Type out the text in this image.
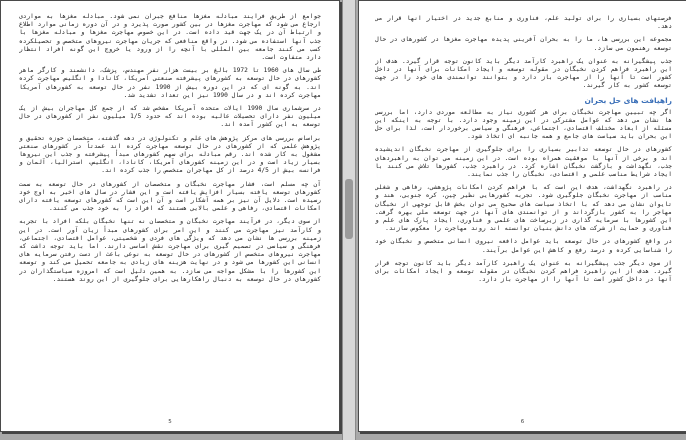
جوامع از طریق فرآیند مبادله مغزها منافع جبران نمی شود. مبادله مغزها به مواردی ارجاع می شود که مهاجرت مغزها در بین کشور صورت پذیرد و در آن دوره زمانی موارد اطلاع و ارتباط آن در یک جهت قید داده است. در این خصوص مهاجرت مغزها و مبادله مغزها با جذب آنها استفاده می شود. در واقع منافعی که جریان مهاجرت نیروهای متخصص و تحصیلکرده کسب می کنند جامعه بین المللی با آنچه را از ورود یا خروج این گونه افراد انتظار دارد متفاوت است.

طی سال های 1960 تا 1972 بالغ بر بیست هزار نفر مهندس، پزشک، دانشمند و کارگر ماهر کشورهای در حال توسعه به کشورهای پیشرفته صنعتی آمریکا، کانادا و انگلیس مهاجرت کرده اند. به گونه ای که در این دوره بیش از 1990 نفر در حال توسعه به کشورهای آمریکا مهاجرت کرده اند و در سال 1990 نیز این تعداد تشدید شد.

در سرشماری سال 1990 ایالات متحده آمریکا مشخص شد که از جمع کل مهاجران بیش از یک میلیون نفر دارای تحصیلات عالیه بوده اند که حدود 1/5 میلیون نفر از کشورهای در حال توسعه به این کشور آمده اند.

براساس بررسی های مرکز پژوهش های علم و تکنولوژی در دهه گذشته، متخصصان حوزه تحقیق و پژوهش علمی که از کشورهای در حال توسعه مهاجرت کرده اند عمدتاً در کشورهای صنعتی مشغول به کار شده اند. رقم مبادله برای سهم کشورهای مبدأ پیشرفته و جذب این نیروها بسیار زیاد است و در این زمینه کشورهای آمریکا، کانادا، انگلیس، استرالیا، آلمان و فرانسه بیش از 4/5 درصد از کل مهاجران متخصص را جذب کرده اند.

آن چه مسلم است، فشار مهاجرت نخبگان و متخصصان از کشورهای در حال توسعه به سمت کشورهای توسعه یافته بسیار افزایش یافته است و این فشار در سال های اخیر به اوج خود رسیده است. دلایل آن نیز بر همه آشکار است و آن این است که کشورهای توسعه یافته دارای امکانات اقتصادی، رفاهی و علمی بالایی هستند که افراد را به خود جذب می کنند.

از سوی دیگر، در فرآیند مهاجرت نخبگان و متخصصان نه تنها نخبگان بلکه افراد با تجربه و کارآمد نیز مهاجرت می کنند و این امر برای کشورهای مبدأ زیان آور است. در این زمینه بررسی ها نشان می دهد که ویژگی های فردی و شخصیتی، عوامل اقتصادی، اجتماعی، فرهنگی و سیاسی در تصمیم گیری برای مهاجرت نقش اساسی دارند. اما باید توجه داشت که مهاجرت نیروهای متخصص از کشورهای در حال توسعه به نوعی باعث از دست رفتن سرمایه های انسانی این کشورها می شود و در نهایت هزینه های زیادی به جامعه تحمیل می کند و توسعه این کشورها را با مشکل مواجه می سازد. به همین دلیل است که امروزه سیاستگذاران در کشورهای در حال توسعه به دنبال راهکارهایی برای جلوگیری از این روند هستند.

5

فرصتهای بسیاری را برای تولید علم، فناوری و منابع جدید در اختیار آنها قرار می دهد.

مجموعه این بررسی ها، ما را به بحران آفرینی پدیده مهاجرت مغزها در کشورهای در حال توسعه رهنمون می سازد.

جذب پیشگیرانه به عنوان یک راهبرد کارآمد دیگر باید کانون توجه قرار گیرد. هدف از این راهبرد فراهم کردن نخبگان در مقوله توسعه و ایجاد امکانات برای آنها در داخل کشور است تا آنها را از مهاجرت باز دارد و بتوانند توانمندی های خود را در جهت توسعه کشور به کار گیرند.

راهیافت های حل بحران

اگر چه تبیین مهاجرت نخبگان برای هر کشوری نیاز به مطالعه موردی دارد، اما بررسی ها نشان می دهد که عوامل مشترکی در این زمینه وجود دارد. با توجه به اینکه این مسئله از ابعاد مختلف اقتصادی، اجتماعی، فرهنگی و سیاسی برخوردار است، لذا برای حل این بحران باید سیاست های جامع و همه جانبه ای اتخاذ شود.

کشورهای در حال توسعه تدابیر بسیاری را برای جلوگیری از مهاجرت نخبگان اندیشیده اند و برخی از آنها با موفقیت همراه بوده است. در این زمینه می توان به راهبردهای جذب، نگهداشت و بازگشت نخبگان اشاره کرد. در راهبرد جذب، کشورها تلاش می کنند با ایجاد شرایط مناسب علمی و اقتصادی، نخبگان را جذب نمایند.

در راهبرد نگهداشت، هدف این است که با فراهم کردن امکانات پژوهشی، رفاهی و شغلی مناسب از مهاجرت نخبگان جلوگیری شود. تجربه کشورهایی نظیر چین، کره جنوبی، هند و تایوان نشان می دهد که با اتخاذ سیاست های صحیح می توان بخش قابل توجهی از نخبگان مهاجر را به کشور بازگرداند و از توانمندی های آنها در جهت توسعه ملی بهره گرفت. این کشورها با سرمایه گذاری در زیرساخت های علمی و فناوری، ایجاد پارک های علم و فناوری و حمایت از شرکت های دانش بنیان توانسته اند روند مهاجرت را معکوس سازند.

در واقع کشورهای در حال توسعه باید عوامل دافعه نیروی انسانی متخصص و نخبگان خود را شناسایی کرده و درصد رفع و کاهش این عوامل برآیند.

از سوی دیگر جذب پیشگیرانه به عنوان یک راهبرد کارآمد دیگر باید کانون توجه قرار گیرد. هدف از این راهبرد فراهم کردن نخبگان در مقوله توسعه و ایجاد امکانات برای آنها در داخل کشور است تا آنها را از مهاجرت باز دارد.

6
